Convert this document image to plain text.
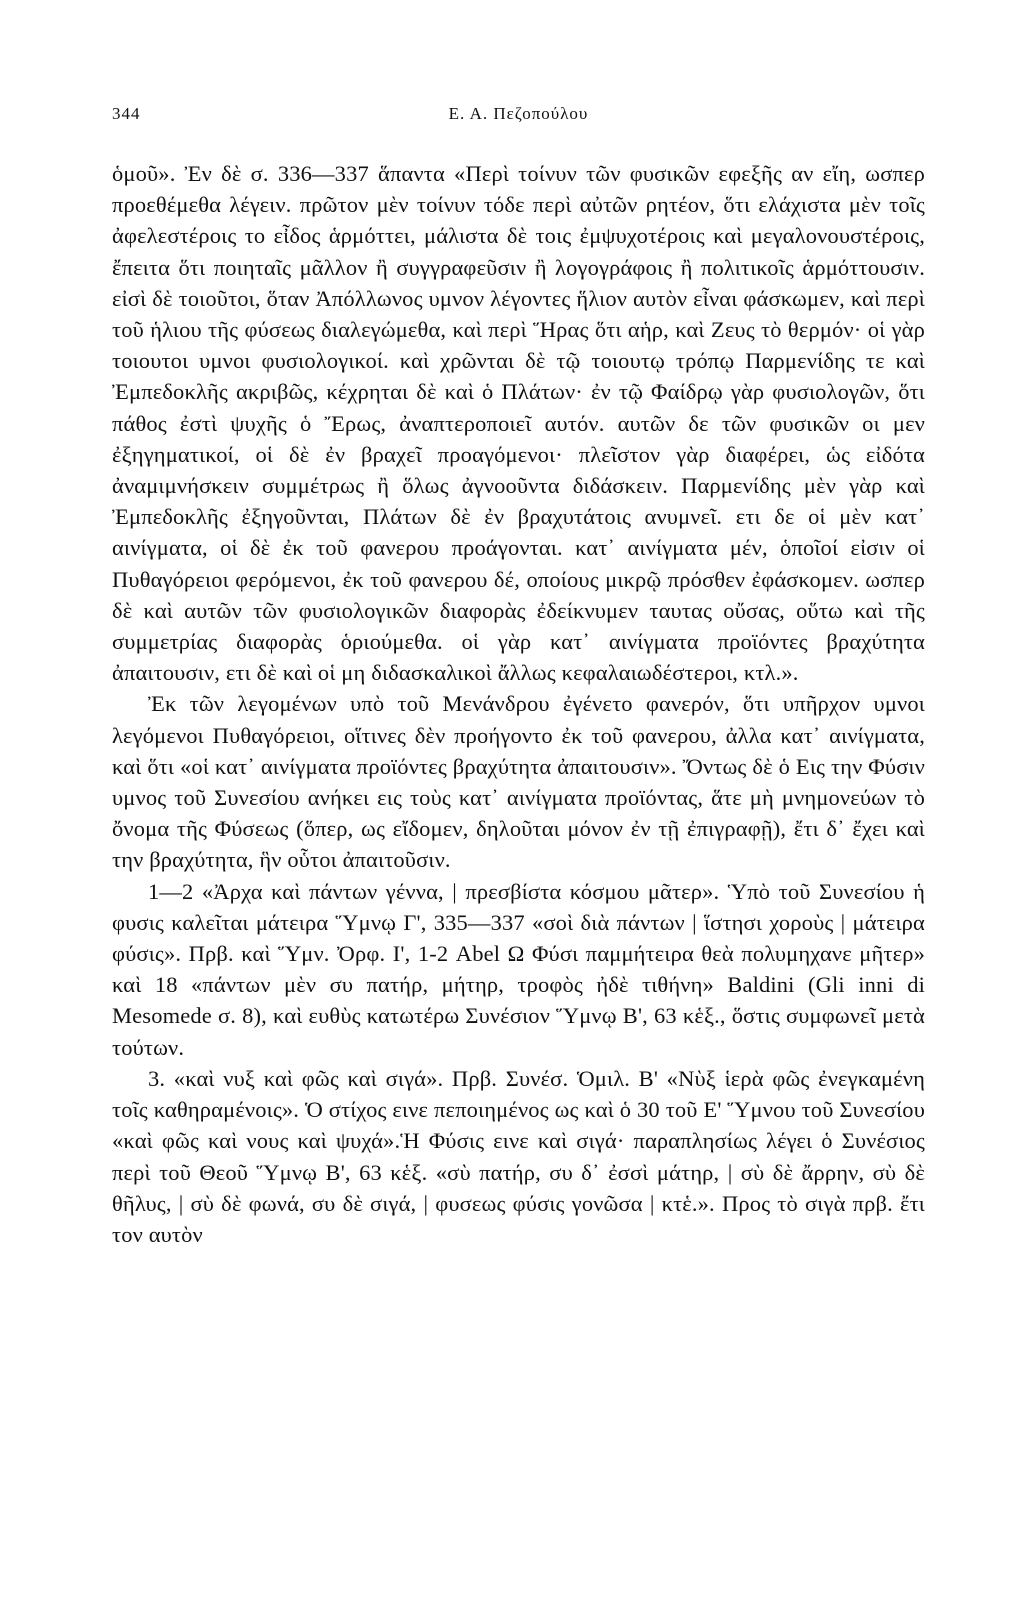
344	Ε. Α. Πεζοπούλου

ὁμοῦ». Ἐν δὲ σ. 336—337 ἅπαντα «Περὶ τοίνυν τῶν φυσικῶν εφεξῆς αν εἴη, ωσπερ προεθέμεθα λέγειν. πρῶτον μὲν τοίνυν τόδε περὶ αὐτῶν ρητέον, ὅτι ελάχιστα μὲν τοῖς ἀφελεστέροις το εἶδος ἁρμόττει, μάλιστα δὲ τοις ἐμψυχοτέροις καὶ μεγαλονουστέροις, ἔπειτα ὅτι ποιηταῖς μᾶλλον ἢ συγγραφεῦσιν ἢ λογογράφοις ἢ πολιτικοῖς ἁρμόττουσιν. εἰσὶ δὲ τοιοῦτοι, ὅταν Ἀπόλλωνος υμνον λέγοντες ἥλιον αυτὸν εἶναι φάσκωμεν, καὶ περὶ τοῦ ἡλιου τῆς φύσεως διαλεγώμεθα, καὶ περὶ Ἥρας ὅτι αἡρ, καὶ Ζευς τὸ θερμόν· οἱ γὰρ τοιουτοι υμνοι φυσιολογικοί. καὶ χρῶνται δὲ τῷ τοιουτῳ τρόπῳ Παρμενίδης τε καὶ Ἐμπεδοκλῆς ακριβῶς, κέχρηται δὲ καὶ ὁ Πλάτων· ἐν τῷ Φαίδρῳ γὰρ φυσιολογῶν, ὅτι πάθος ἐστὶ ψυχῆς ὁ Ἔρως, ἀναπτεροποιεῖ αυτόν. αυτῶν δε τῶν φυσικῶν οι μεν ἐξηγηματικοί, οἱ δὲ ἐν βραχεῖ προαγόμενοι· πλεῖστον γὰρ διαφέρει, ὡς εἰδότα ἀναμιμνήσκειν συμμέτρως ἢ ὅλως ἀγνοοῦντα διδάσκειν. Παρμενίδης μὲν γὰρ καὶ Ἐμπεδοκλῆς ἐξηγοῦνται, Πλάτων δὲ ἐν βραχυτάτοις ανυμνεῖ. ετι δε οἱ μὲν κατ᾽ αινίγματα, οἱ δὲ ἐκ τοῦ φανερου προάγονται. κατ᾽ αινίγματα μέν, ὁποῖοί εἰσιν οἱ Πυθαγόρειοι φερόμενοι, ἐκ τοῦ φανερου δέ, οποίους μικρῷ πρόσθεν ἐφάσκομεν. ωσπερ δὲ καὶ αυτῶν τῶν φυσιολογικῶν διαφορὰς ἐδείκνυμεν ταυτας οὔσας, οὕτω καὶ τῆς συμμετρίας διαφορὰς ὁριούμεθα. οἱ γὰρ κατ᾽ αινίγματα προϊόντες βραχύτητα ἀπαιτουσιν, ετι δὲ καὶ οἱ μη διδασκαλικοὶ ἄλλως κεφαλαιωδέστεροι, κτλ.».

Ἐκ τῶν λεγομένων υπὸ τοῦ Μενάνδρου ἐγένετο φανερόν, ὅτι υπῆρχον υμνοι λεγόμενοι Πυθαγόρειοι, οἵτινες δὲν προήγοντο ἐκ τοῦ φανερου, ἀλλα κατ᾽ αινίγματα, καὶ ὅτι «οἱ κατ᾽ αινίγματα προϊόντες βραχύτητα ἀπαιτουσιν». Ὄντως δὲ ὁ Εις την Φύσιν υμνος τοῦ Συνεσίου ανήκει εις τοὺς κατ᾽ αινίγματα προϊόντας, ἅτε μὴ μνημονεύων τὸ ὄνομα τῆς Φύσεως (ὅπερ, ως εἴδομεν, δηλοῦται μόνον ἐν τῇ ἐπιγραφῇ), ἔτι δ᾽ ἔχει καὶ την βραχύτητα, ἣν οὗτοι ἀπαιτοῦσιν.

1—2 «Ἀρχα καὶ πάντων γέννα, | πρεσβίστα κόσμου μᾶτερ». Ὑπὸ τοῦ Συνεσίου ἡ φυσις καλεῖται μάτειρα Ὕμνῳ Γ', 335—337 «σοὶ διὰ πάντων | ἵστησι χοροὺς | μάτειρα φύσις». Πρβ. καὶ Ὕμν. Ὀρφ. Ι', 1-2 Abel Ω Φύσι παμμήτειρα θεὰ πολυμηχανε μῆτερ» καὶ 18 «πάντων μὲν συ πατήρ, μήτηρ, τροφὸς ἠδὲ τιθήνη» Baldini (Gli inni di Mesomede σ. 8), καὶ ευθὺς κατωτέρω Συνέσιον Ὕμνῳ Β', 63 κἑξ., ὅστις συμφωνεῖ μετὰ τούτων.

3. «καὶ νυξ καὶ φῶς καὶ σιγά». Πρβ. Συνέσ. Ὁμιλ. Β' «Νὺξ ἱερὰ φῶς ἐνεγκαμένη τοῖς καθηραμένοις». Ὁ στίχος εινε πεποιημένος ως καὶ ὁ 30 τοῦ Ε' Ὕμνου τοῦ Συνεσίου «καὶ φῶς καὶ νους καὶ ψυχά».Ἡ Φύσις εινε καὶ σιγά· παραπλησίως λέγει ὁ Συνέσιος περὶ τοῦ Θεοῦ Ὕμνῳ Β', 63 κἑξ. «σὺ πατήρ, συ δ᾽ ἐσσὶ μάτηρ, | σὺ δὲ ἄρρην, σὺ δὲ θῆλυς, | σὺ δὲ φωνά, συ δὲ σιγά, | φυσεως φύσις γονῶσα | κτἑ.». Προς τὸ σιγὰ πρβ. ἔτι τον αυτὸν
